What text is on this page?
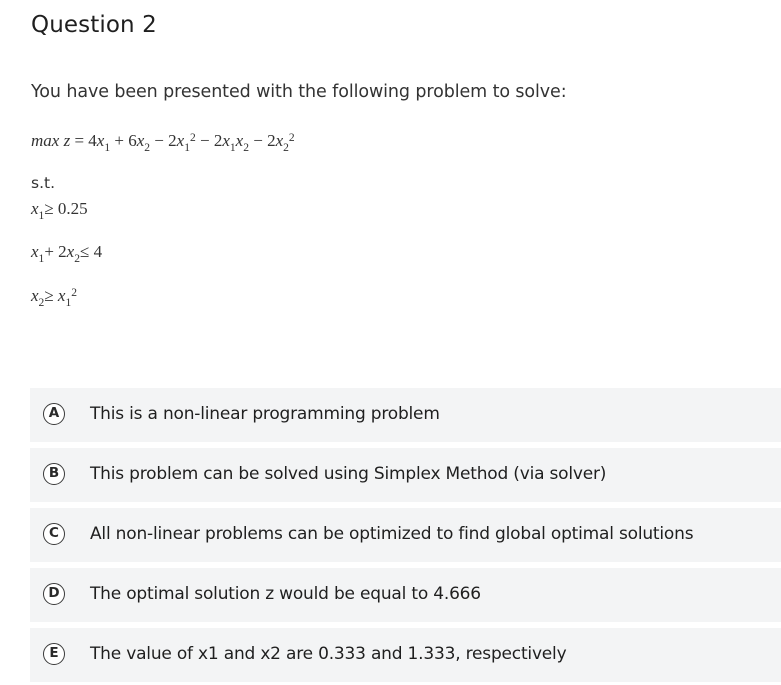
Question 2
You have been presented with the following problem to solve:
$\max z = 4x_1 + 6x_2 - 2x_1^2 - 2x_1x_2 - 2x_2^2$
s.t.
$x_1\ge 0.25$
$x_1+ 2x_2\le 4$
$x_2\ge x_1^2$
A	This is a non-linear programming problem
B	This problem can be solved using Simplex Method (via solver)
C	All non-linear problems can be optimized to find global optimal solutions
D	The optimal solution z would be equal to 4.666
E	The value of x1 and x2 are 0.333 and 1.333, respectively
